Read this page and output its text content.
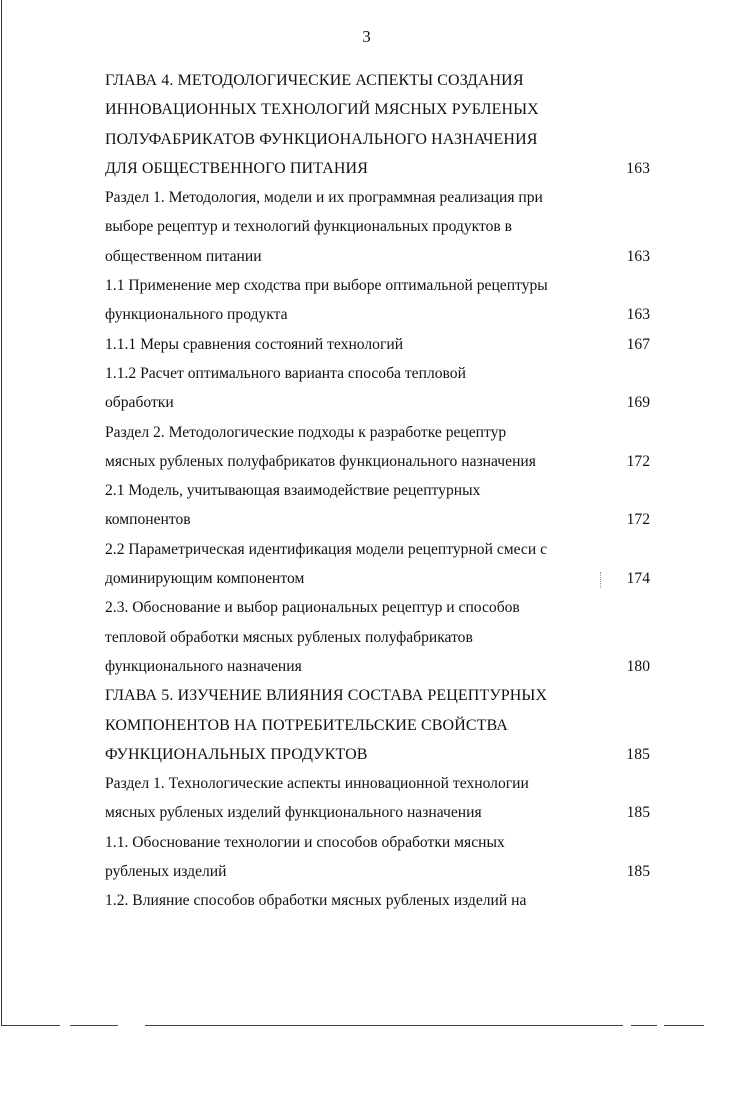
3
ГЛАВА 4. МЕТОДОЛОГИЧЕСКИЕ АСПЕКТЫ СОЗДАНИЯ
ИННОВАЦИОННЫХ ТЕХНОЛОГИЙ МЯСНЫХ РУБЛЕНЫХ
ПОЛУФАБРИКАТОВ ФУНКЦИОНАЛЬНОГО НАЗНАЧЕНИЯ
ДЛЯ ОБЩЕСТВЕННОГО ПИТАНИЯ	163
Раздел 1. Методология, модели и их программная реализация при
выборе рецептур и технологий функциональных продуктов в
общественном питании	163
1.1 Применение мер сходства при выборе оптимальной рецептуры
функционального продукта	163
1.1.1 Меры сравнения состояний технологий	167
1.1.2 Расчет оптимального варианта способа тепловой
обработки	169
Раздел 2. Методологические подходы к разработке рецептур
мясных рубленых полуфабрикатов функционального назначения	172
2.1 Модель, учитывающая взаимодействие рецептурных
компонентов	172
2.2 Параметрическая идентификация модели рецептурной смеси с
доминирующим компонентом	174
2.3. Обоснование и выбор рациональных рецептур и способов
тепловой обработки мясных рубленых полуфабрикатов
функционального назначения	180
ГЛАВА 5. ИЗУЧЕНИЕ ВЛИЯНИЯ СОСТАВА РЕЦЕПТУРНЫХ
КОМПОНЕНТОВ НА ПОТРЕБИТЕЛЬСКИЕ СВОЙСТВА
ФУНКЦИОНАЛЬНЫХ ПРОДУКТОВ	185
Раздел 1. Технологические аспекты инновационной технологии
мясных рубленых изделий функционального назначения	185
1.1. Обоснование технологии и способов обработки мясных
рубленых изделий	185
1.2. Влияние способов обработки мясных рубленых изделий на
